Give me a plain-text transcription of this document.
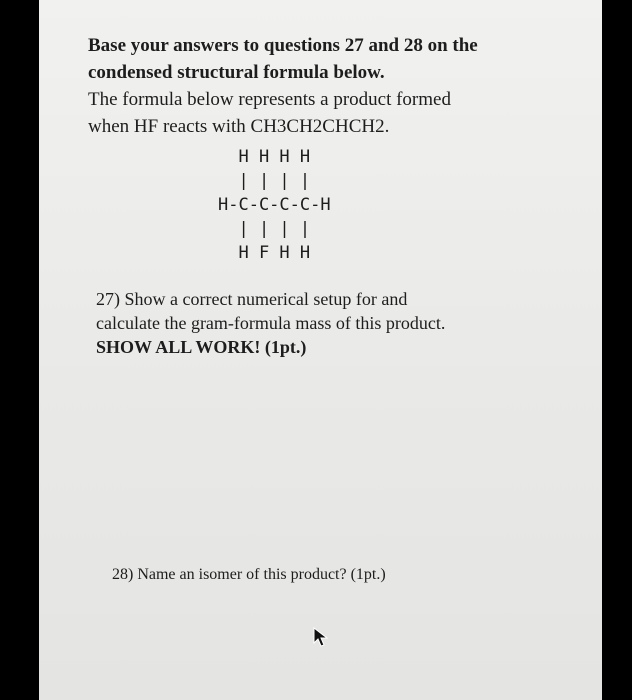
Base your answers to questions 27 and 28 on the
condensed structural formula below.
The formula below represents a product formed
when HF reacts with CH3CH2CHCH2.
H H H H
| | | |
H-C-C-C-C-H
| | | |
H F H H
27) Show a correct numerical setup for and
calculate the gram-formula mass of this product.
SHOW ALL WORK! (1pt.)
28) Name an isomer of this product? (1pt.)
